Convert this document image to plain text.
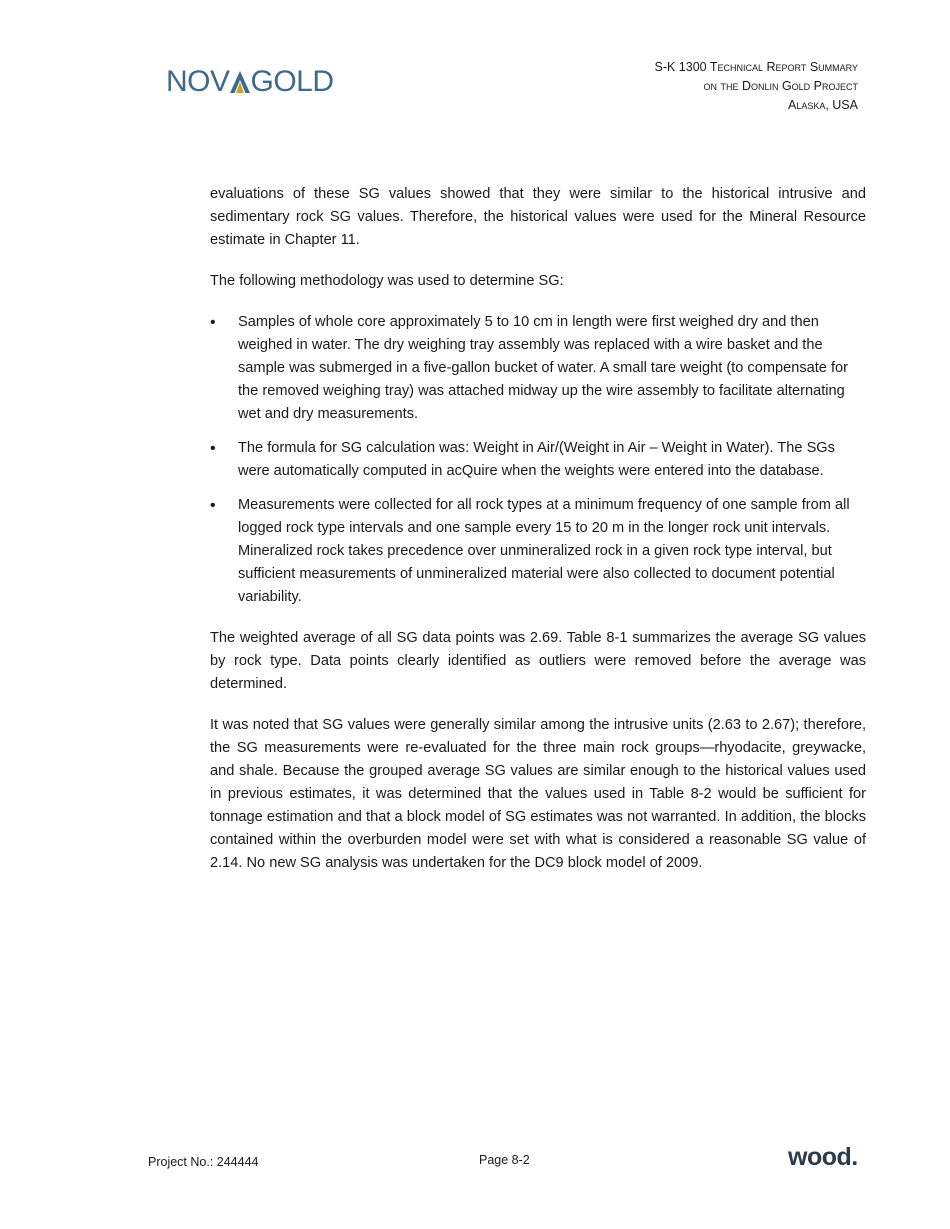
NOV GOLD	S-K 1300 Technical Report Summary
on the Donlin Gold Project
Alaska, USA

evaluations of these SG values showed that they were similar to the historical intrusive and sedimentary rock SG values. Therefore, the historical values were used for the Mineral Resource estimate in Chapter 11.

The following methodology was used to determine SG:

• Samples of whole core approximately 5 to 10 cm in length were first weighed dry and then weighed in water. The dry weighing tray assembly was replaced with a wire basket and the sample was submerged in a five-gallon bucket of water. A small tare weight (to compensate for the removed weighing tray) was attached midway up the wire assembly to facilitate alternating wet and dry measurements.
• The formula for SG calculation was: Weight in Air/(Weight in Air – Weight in Water). The SGs were automatically computed in acQuire when the weights were entered into the database.
• Measurements were collected for all rock types at a minimum frequency of one sample from all logged rock type intervals and one sample every 15 to 20 m in the longer rock unit intervals. Mineralized rock takes precedence over unmineralized rock in a given rock type interval, but sufficient measurements of unmineralized material were also collected to document potential variability.

The weighted average of all SG data points was 2.69. Table 8-1 summarizes the average SG values by rock type. Data points clearly identified as outliers were removed before the average was determined.

It was noted that SG values were generally similar among the intrusive units (2.63 to 2.67); therefore, the SG measurements were re-evaluated for the three main rock groups—rhyodacite, greywacke, and shale. Because the grouped average SG values are similar enough to the historical values used in previous estimates, it was determined that the values used in Table 8-2 would be sufficient for tonnage estimation and that a block model of SG estimates was not warranted. In addition, the blocks contained within the overburden model were set with what is considered a reasonable SG value of 2.14. No new SG analysis was undertaken for the DC9 block model of 2009.

Project No.: 244444	Page 8-2	wood.
